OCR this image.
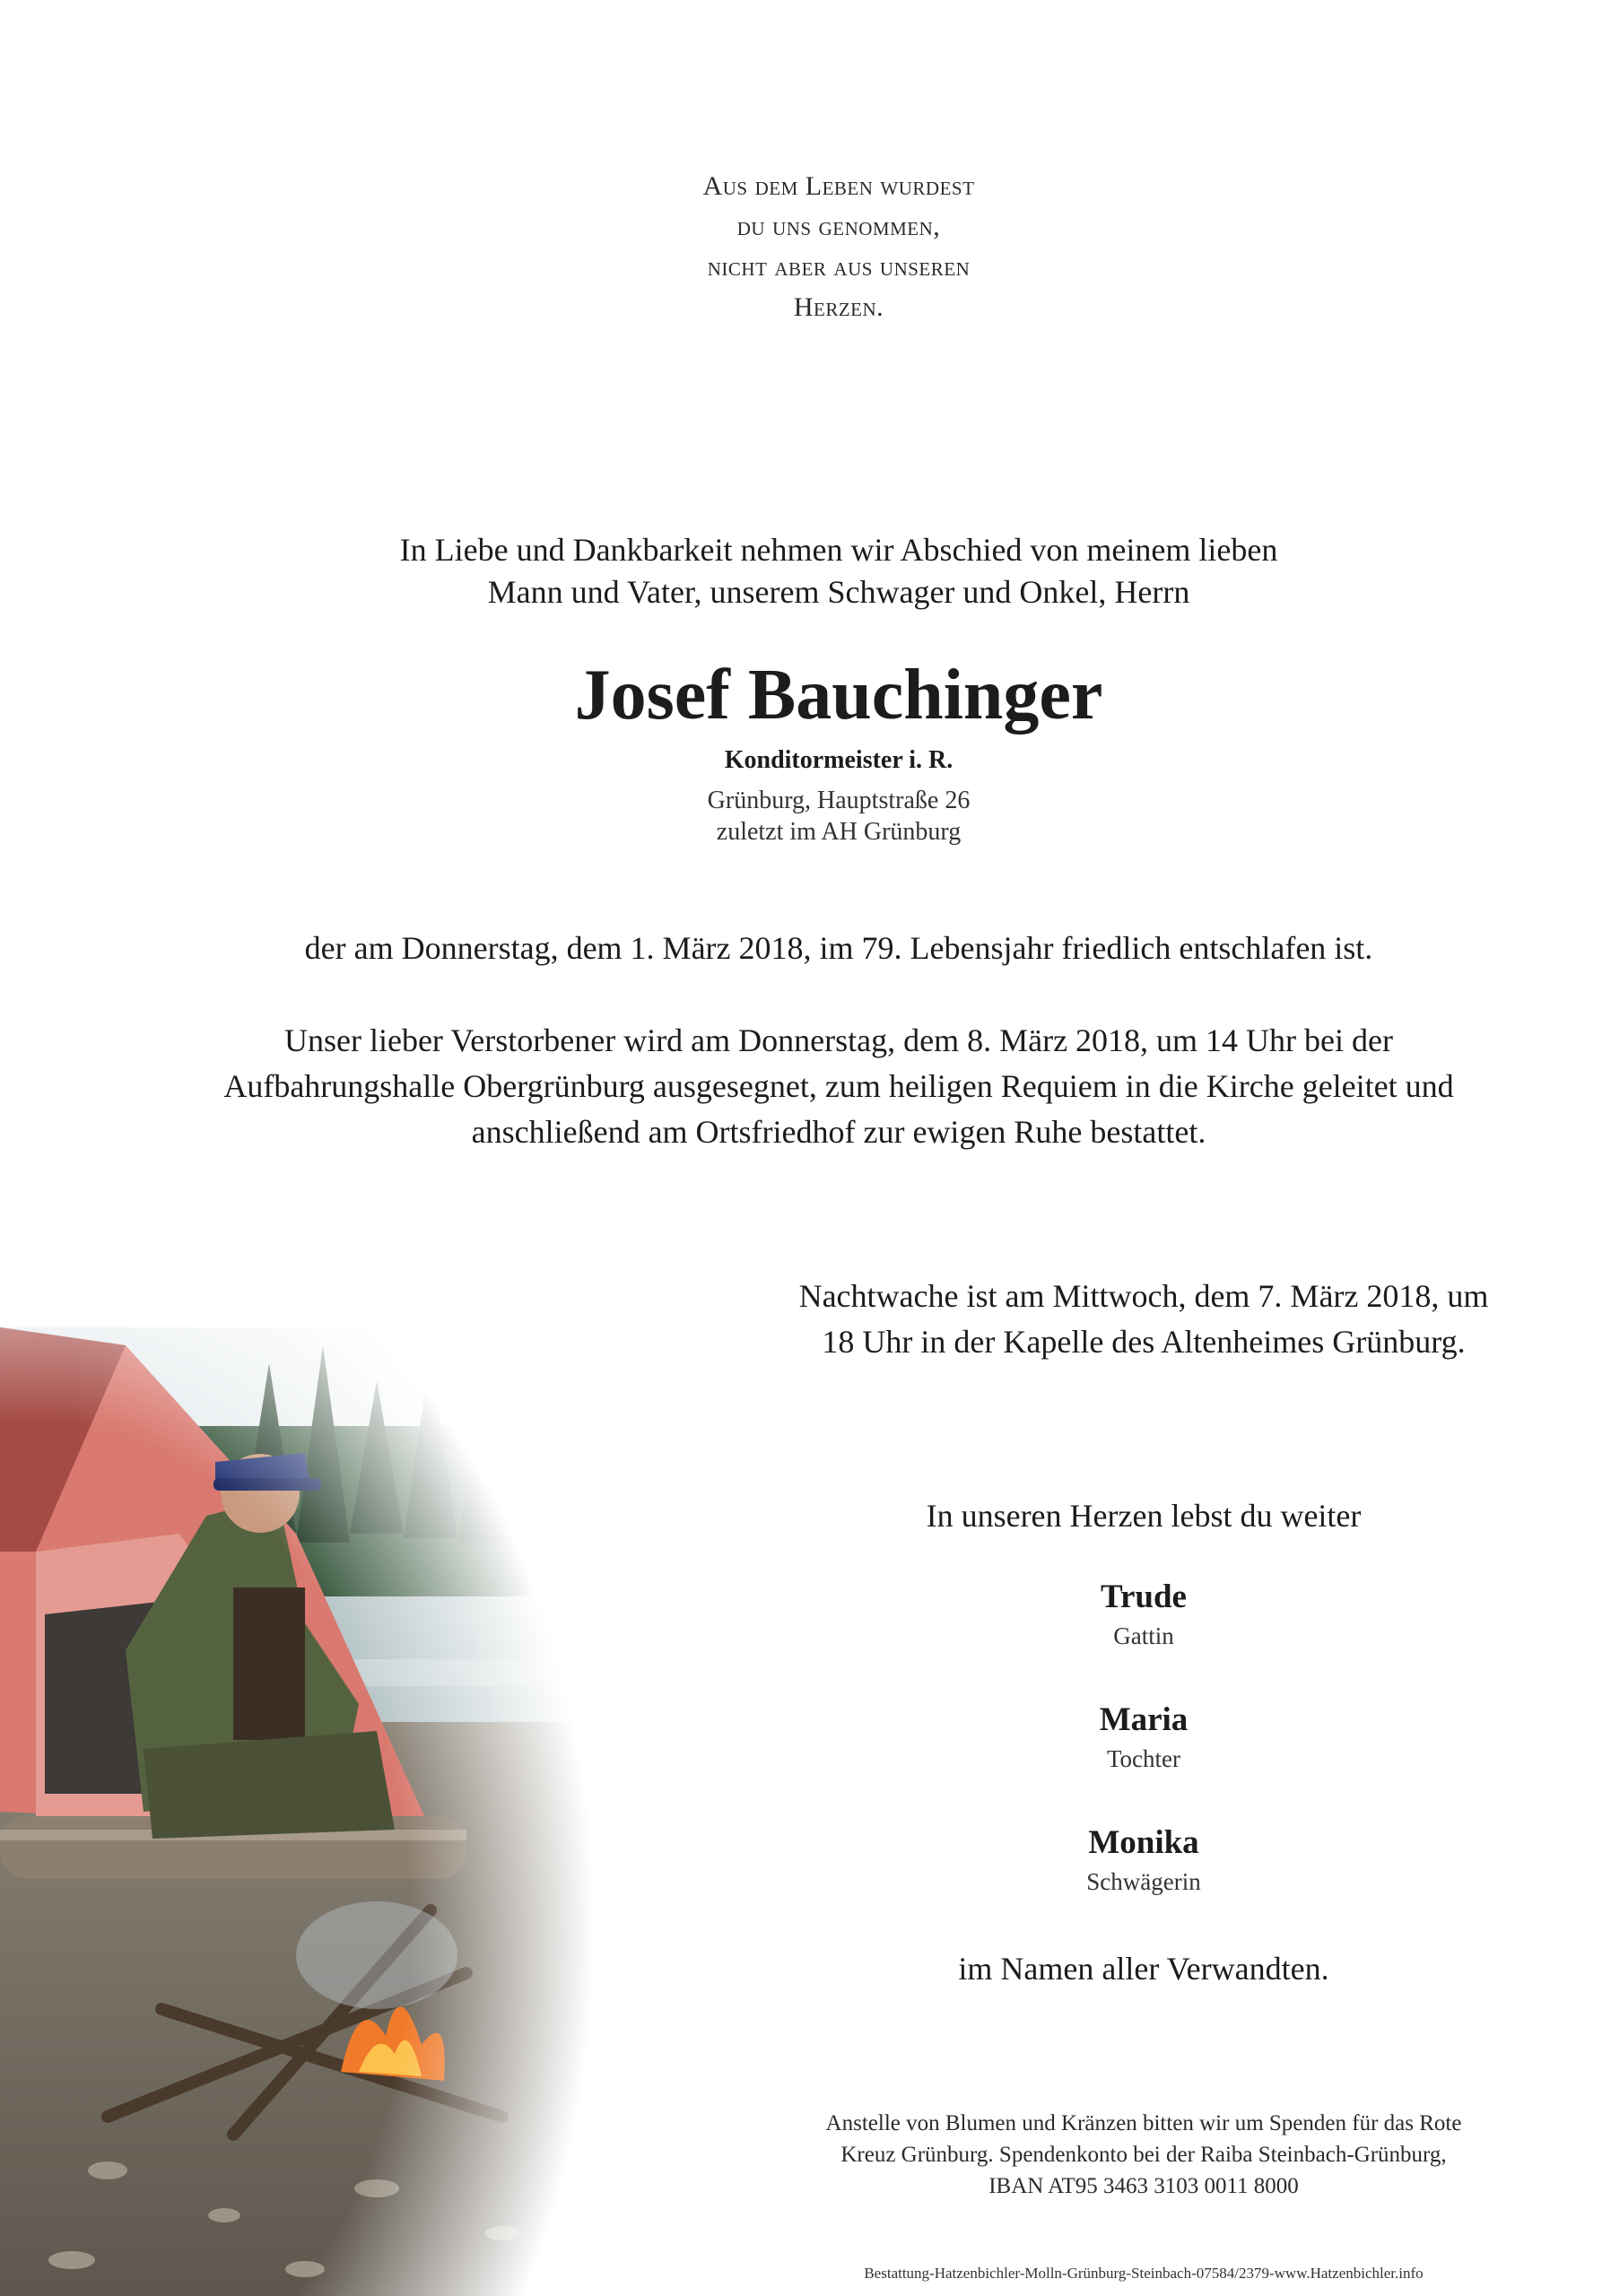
Aus dem Leben wurdest
du uns genommen,
nicht aber aus unseren
Herzen.
In Liebe und Dankbarkeit nehmen wir Abschied von meinem lieben
Mann und Vater, unserem Schwager und Onkel, Herrn
Josef Bauchinger
Konditormeister i. R.
Grünburg, Hauptstraße 26
zuletzt im AH Grünburg
der am Donnerstag, dem 1. März 2018, im 79. Lebensjahr friedlich entschlafen ist.
Unser lieber Verstorbener wird am Donnerstag, dem 8. März 2018, um 14 Uhr bei der
Aufbahrungshalle Obergrünburg ausgesegnet, zum heiligen Requiem in die Kirche geleitet und
anschließend am Ortsfriedhof zur ewigen Ruhe bestattet.
Nachtwache ist am Mittwoch, dem 7. März 2018, um
18 Uhr in der Kapelle des Altenheimes Grünburg.
In unseren Herzen lebst du weiter
Trude
Gattin
Maria
Tochter
Monika
Schwägerin
im Namen aller Verwandten.
Anstelle von Blumen und Kränzen bitten wir um Spenden für das Rote
Kreuz Grünburg. Spendenkonto bei der Raiba Steinbach-Grünburg,
IBAN AT95 3463 3103 0011 8000
Bestattung-Hatzenbichler-Molln-Grünburg-Steinbach-07584/2379-www.Hatzenbichler.info
